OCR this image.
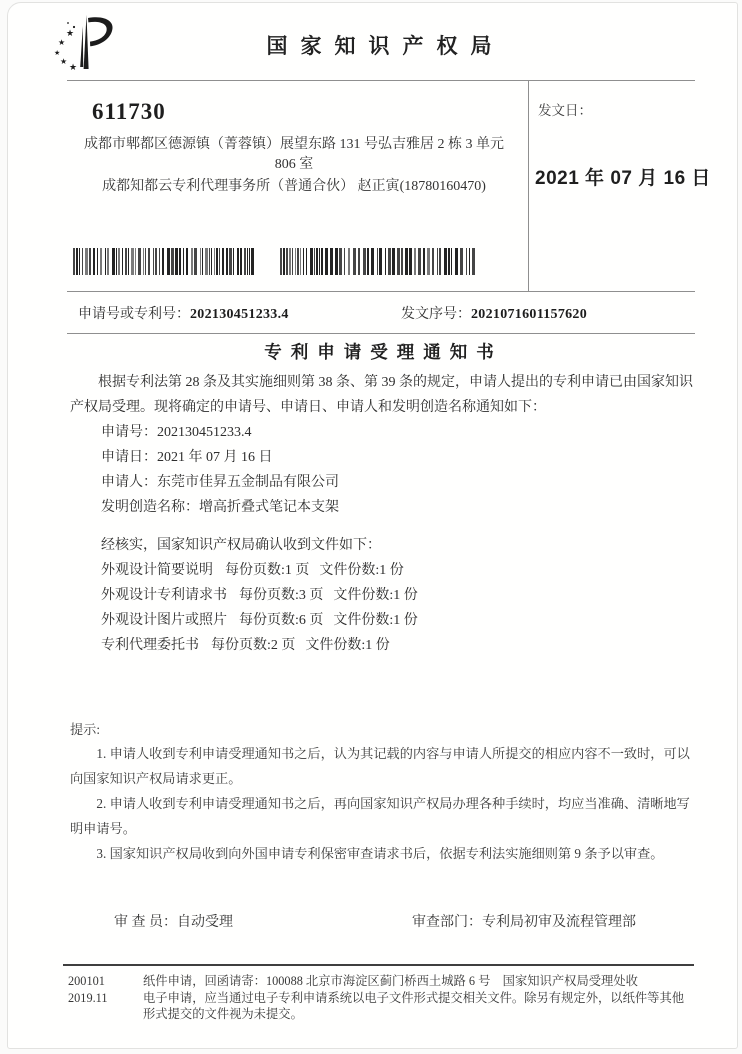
★
★
★
★
★
国家知识产权局
611730
成都市郫都区德源镇（菁蓉镇）展望东路 131 号弘吉雅居 2 栋 3 单元
806 室
成都知都云专利代理事务所（普通合伙） 赵正寅(18780160470)
发文日：
2021 年 07 月 16 日
申请号或专利号：202130451233.4	发文序号：2021071601157620
专利申请受理通知书

根据专利法第 28 条及其实施细则第 38 条、第 39 条的规定，申请人提出的专利申请已由国家知识产权局受理。现将确定的申请号、申请日、申请人和发明创造名称通知如下：

申请号：202130451233.4
申请日：2021 年 07 月 16 日
申请人：东莞市佳昇五金制品有限公司
发明创造名称：增高折叠式笔记本支架
经核实，国家知识产权局确认收到文件如下：
外观设计简要说明 每份页数:1 页 文件份数:1 份
外观设计专利请求书 每份页数:3 页 文件份数:1 份
外观设计图片或照片 每份页数:6 页 文件份数:1 份
专利代理委托书 每份页数:2 页 文件份数:1 份
提示:

1. 申请人收到专利申请受理通知书之后，认为其记载的内容与申请人所提交的相应内容不一致时，可以向国家知识产权局请求更正。

2. 申请人收到专利申请受理通知书之后，再向国家知识产权局办理各种手续时，均应当准确、清晰地写明申请号。

3. 国家知识产权局收到向外国申请专利保密审查请求书后，依据专利法实施细则第 9 条予以审查。

审 查 员：自动受理	审查部门：专利局初审及流程管理部
200101	纸件申请，回函请寄：100088 北京市海淀区蓟门桥西土城路 6 号　国家知识产权局受理处收
2019.11	电子申请，应当通过电子专利申请系统以电子文件形式提交相关文件。除另有规定外，以纸件等其他形式提交的文件视为未提交。
